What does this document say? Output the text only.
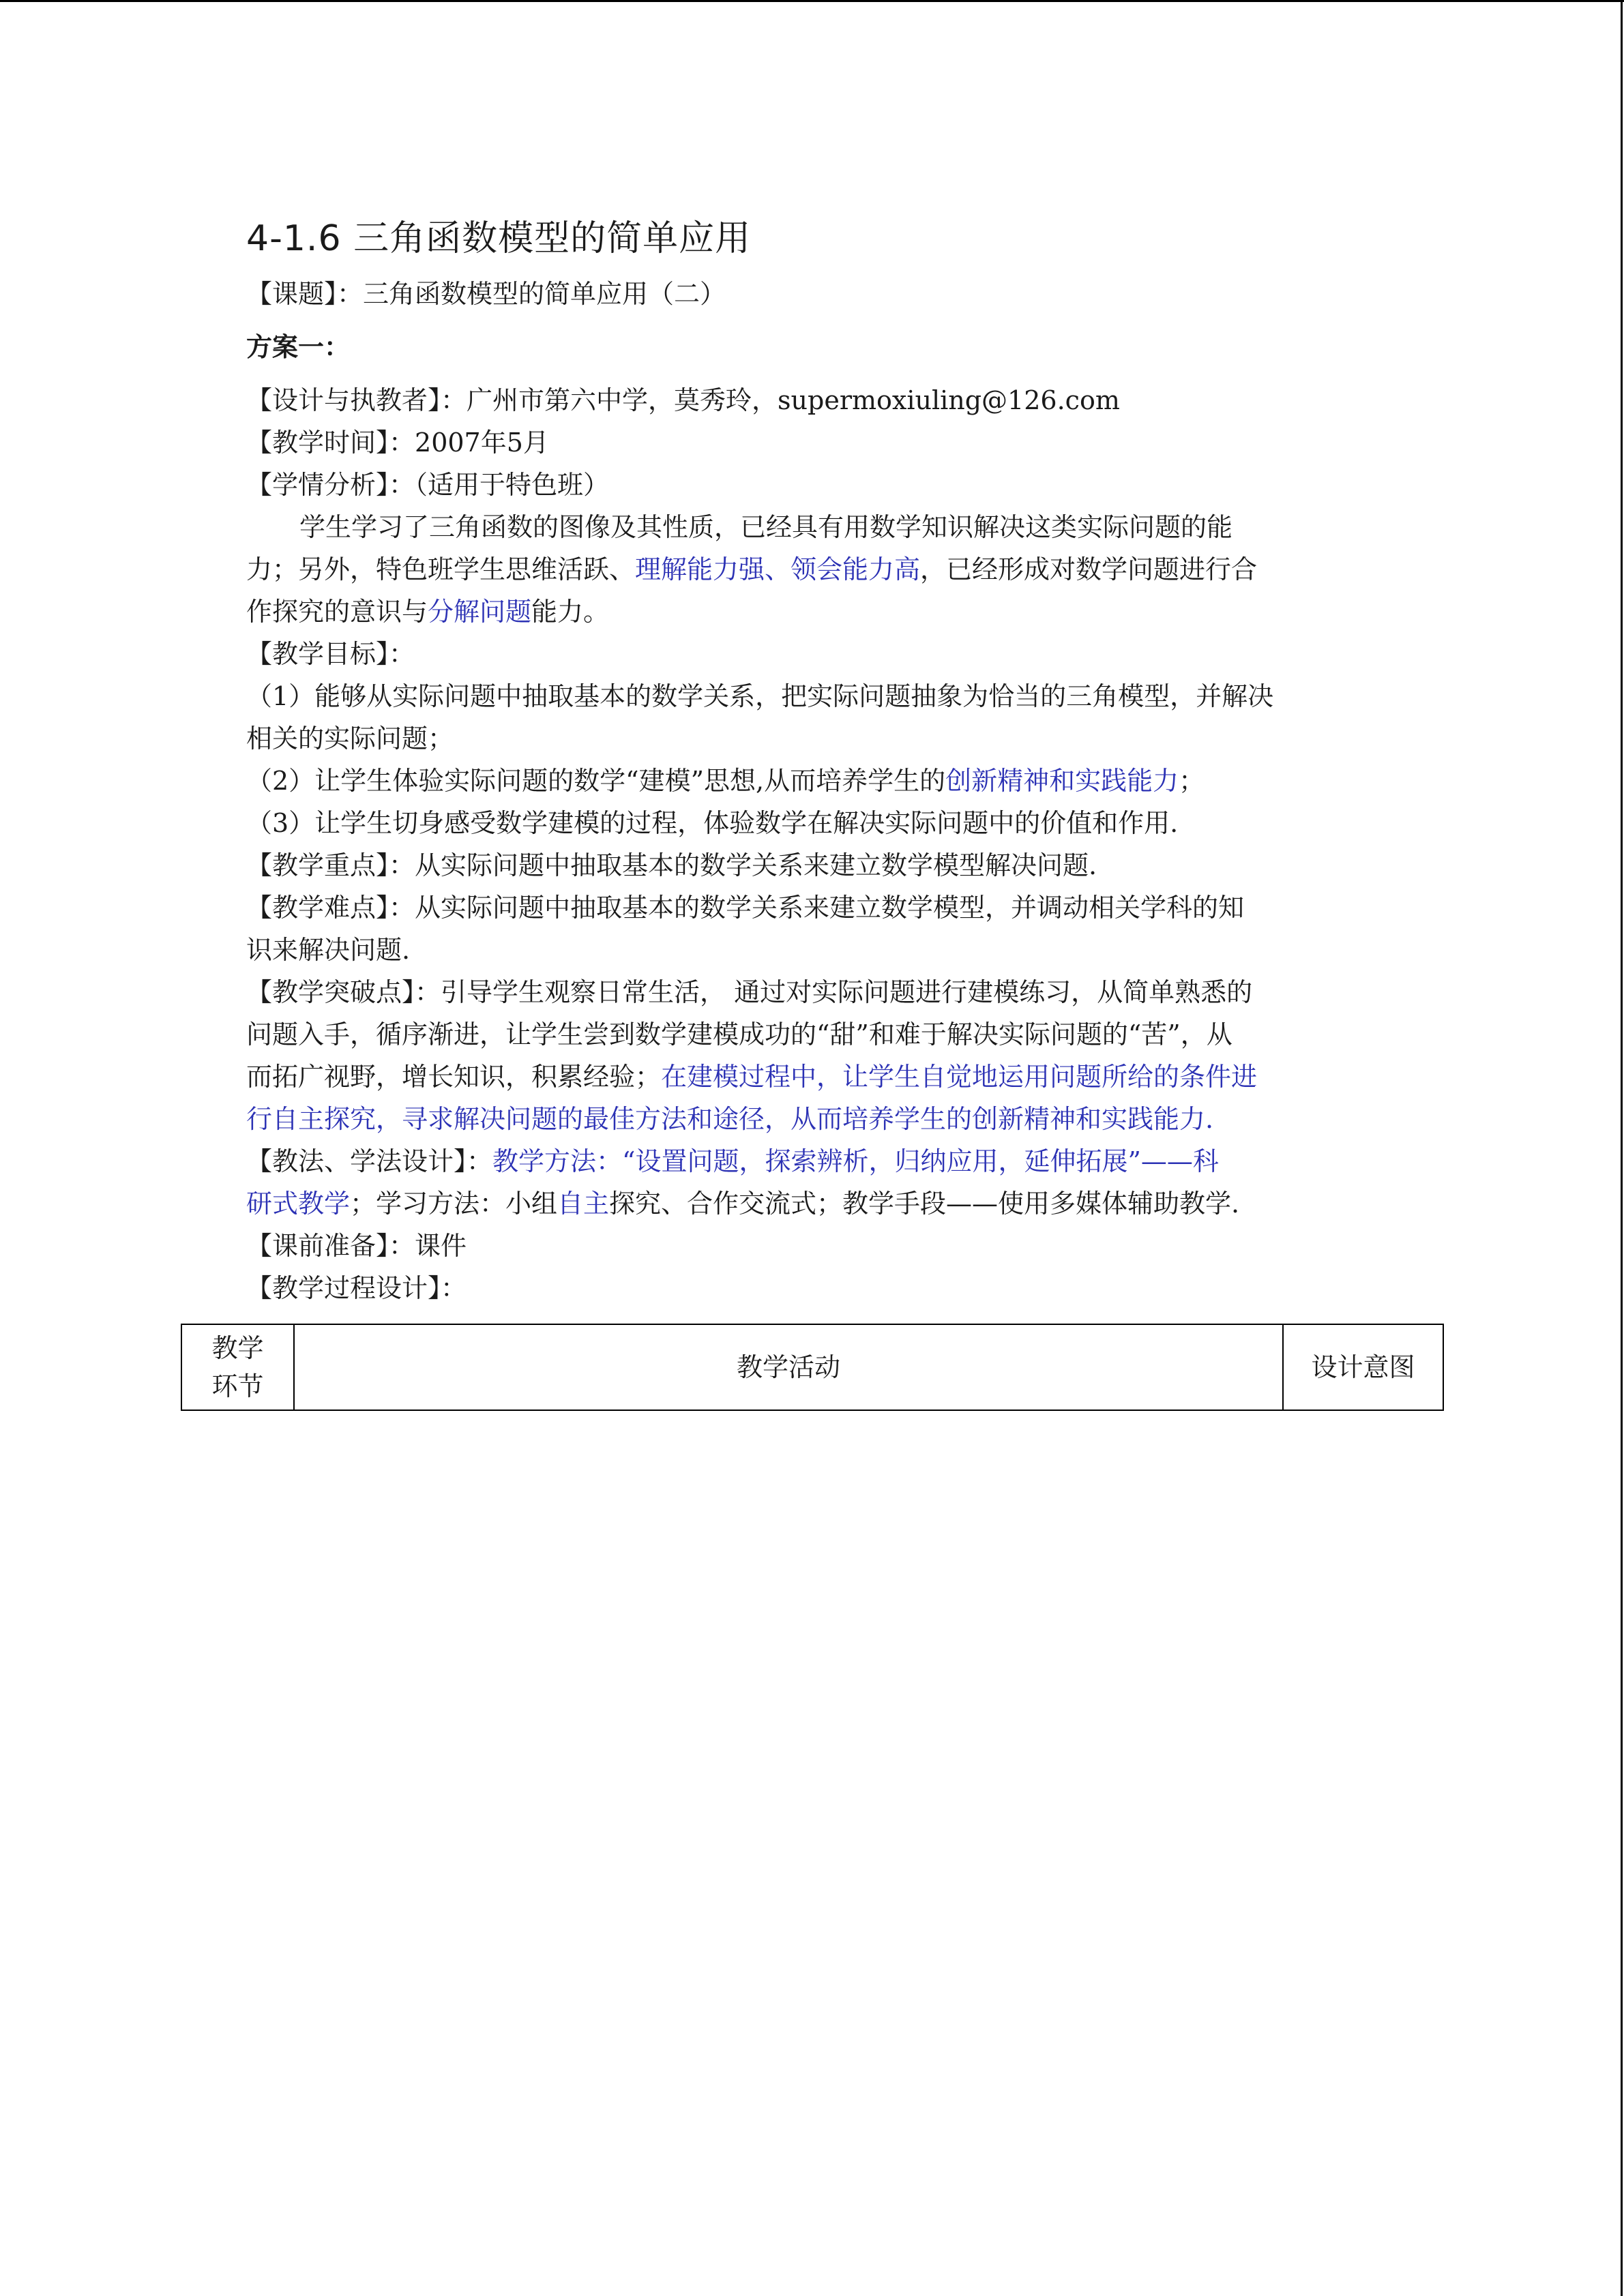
4-1.6 三角函数模型的简单应用
【课题】：三角函数模型的简单应用（二）
方案一：
【设计与执教者】：广州市第六中学，莫秀玲，supermoxiuling@126.com
【教学时间】：2007年5月
【学情分析】：（适用于特色班）
学生学习了三角函数的图像及其性质，已经具有用数学知识解决这类实际问题的能
力；另外，特色班学生思维活跃、理解能力强、领会能力高，已经形成对数学问题进行合
作探究的意识与分解问题能力。
【教学目标】：
（1）能够从实际问题中抽取基本的数学关系，把实际问题抽象为恰当的三角模型，并解决
相关的实际问题；
（2）让学生体验实际问题的数学“建模”思想,从而培养学生的创新精神和实践能力；
（3）让学生切身感受数学建模的过程，体验数学在解决实际问题中的价值和作用.
【教学重点】：从实际问题中抽取基本的数学关系来建立数学模型解决问题.
【教学难点】：从实际问题中抽取基本的数学关系来建立数学模型，并调动相关学科的知
识来解决问题.
【教学突破点】：引导学生观察日常生活， 通过对实际问题进行建模练习，从简单熟悉的
问题入手，循序渐进，让学生尝到数学建模成功的“甜”和难于解决实际问题的“苦”，从
而拓广视野，增长知识，积累经验；在建模过程中，让学生自觉地运用问题所给的条件进
行自主探究，寻求解决问题的最佳方法和途径，从而培养学生的创新精神和实践能力.
【教法、学法设计】：教学方法：“设置问题，探索辨析，归纳应用，延伸拓展”——科
研式教学；学习方法：小组自主探究、合作交流式；教学手段——使用多媒体辅助教学.
【课前准备】：课件
【教学过程设计】：
教学
环节
	教学活动	设计意图
